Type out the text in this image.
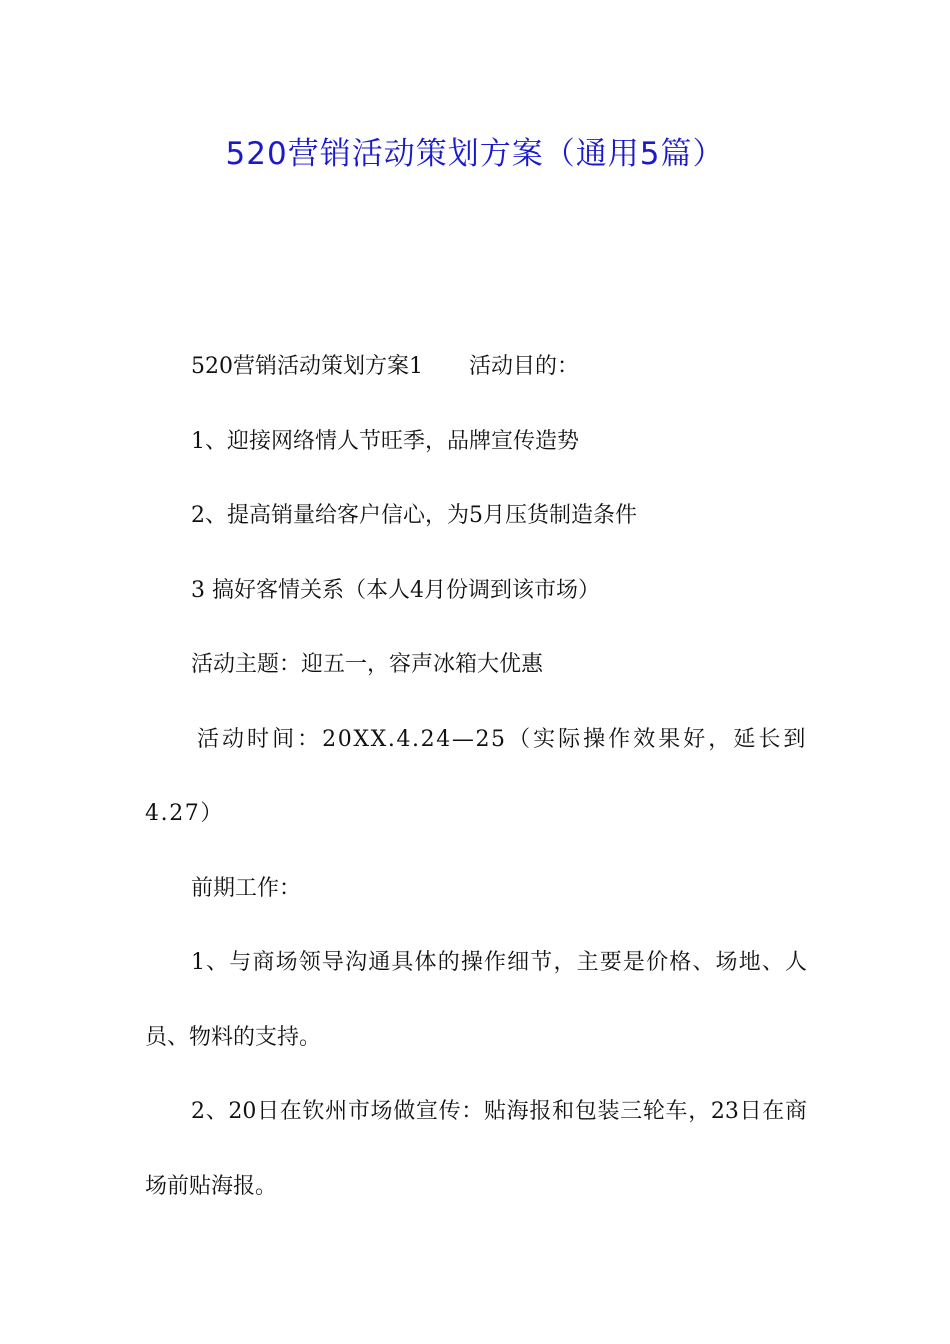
520营销活动策划方案（通用5篇）

520营销活动策划方案1 活动目的：

1、迎接网络情人节旺季，品牌宣传造势

2、提高销量给客户信心，为5月压货制造条件

3 搞好客情关系（本人4月份调到该市场）

活动主题：迎五一，容声冰箱大优惠

活动时间：20XX.4.24—25（实际操作效果好，延长到4.27）

前期工作：

1、与商场领导沟通具体的操作细节，主要是价格、场地、人员、物料的支持。

2、20日在钦州市场做宣传：贴海报和包装三轮车，23日在商场前贴海报。
